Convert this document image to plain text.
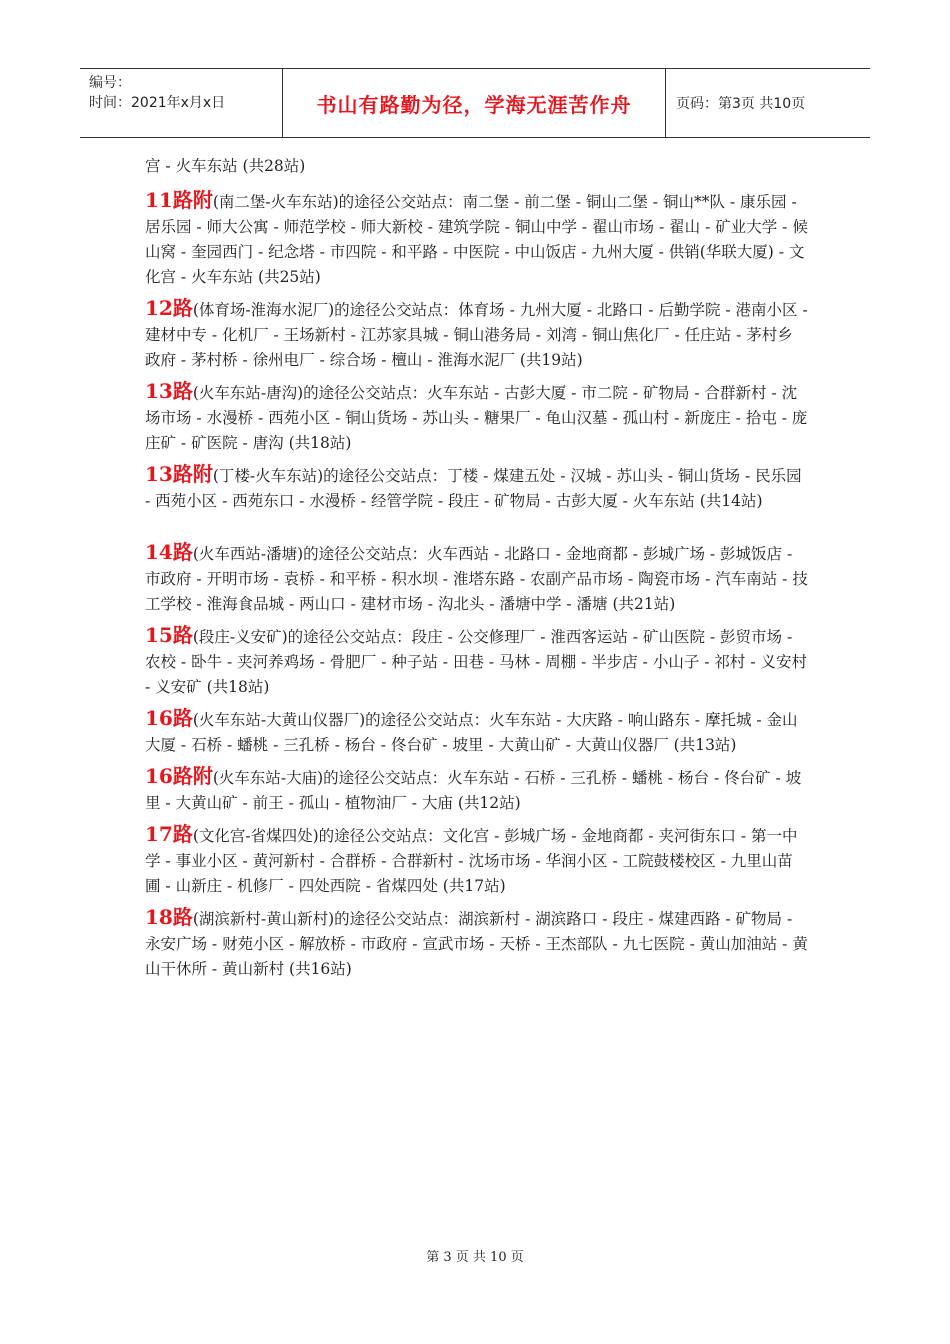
编号：
时间：2021年x月x日	书山有路勤为径，学海无涯苦作舟	页码：第3页 共10页

宫 - 火车东站 (共28站)

11路附(南二堡-火车东站)的途径公交站点：南二堡 - 前二堡 - 铜山二堡 - 铜山**队 - 康乐园 - 居乐园 - 师大公寓 - 师范学校 - 师大新校 - 建筑学院 - 铜山中学 - 翟山市场 - 翟山 - 矿业大学 - 候山窝 - 奎园西门 - 纪念塔 - 市四院 - 和平路 - 中医院 - 中山饭店 - 九州大厦 - 供销(华联大厦) - 文化宫 - 火车东站 (共25站)

12路(体育场-淮海水泥厂)的途径公交站点：体育场 - 九州大厦 - 北路口 - 后勤学院 - 港南小区 - 建材中专 - 化机厂 - 王场新村 - 江苏家具城 - 铜山港务局 - 刘湾 - 铜山焦化厂 - 任庄站 - 茅村乡政府 - 茅村桥 - 徐州电厂 - 综合场 - 檀山 - 淮海水泥厂 (共19站)

13路(火车东站-唐沟)的途径公交站点：火车东站 - 古彭大厦 - 市二院 - 矿物局 - 合群新村 - 沈场市场 - 水漫桥 - 西苑小区 - 铜山货场 - 苏山头 - 糖果厂 - 龟山汉墓 - 孤山村 - 新庞庄 - 拾屯 - 庞庄矿 - 矿医院 - 唐沟 (共18站)

13路附(丁楼-火车东站)的途径公交站点：丁楼 - 煤建五处 - 汉城 - 苏山头 - 铜山货场 - 民乐园 - 西苑小区 - 西苑东口 - 水漫桥 - 经管学院 - 段庄 - 矿物局 - 古彭大厦 - 火车东站 (共14站)

14路(火车西站-潘塘)的途径公交站点：火车西站 - 北路口 - 金地商都 - 彭城广场 - 彭城饭店 - 市政府 - 开明市场 - 袁桥 - 和平桥 - 积水坝 - 淮塔东路 - 农副产品市场 - 陶瓷市场 - 汽车南站 - 技工学校 - 淮海食品城 - 两山口 - 建材市场 - 沟北头 - 潘塘中学 - 潘塘 (共21站)

15路(段庄-义安矿)的途径公交站点：段庄 - 公交修理厂 - 淮西客运站 - 矿山医院 - 彭贸市场 - 农校 - 卧牛 - 夹河养鸡场 - 骨肥厂 - 种子站 - 田巷 - 马林 - 周棚 - 半步店 - 小山子 - 祁村 - 义安村 - 义安矿 (共18站)

16路(火车东站-大黄山仪器厂)的途径公交站点：火车东站 - 大庆路 - 响山路东 - 摩托城 - 金山大厦 - 石桥 - 蟠桃 - 三孔桥 - 杨台 - 佟台矿 - 坡里 - 大黄山矿 - 大黄山仪器厂 (共13站)

16路附(火车东站-大庙)的途径公交站点：火车东站 - 石桥 - 三孔桥 - 蟠桃 - 杨台 - 佟台矿 - 坡里 - 大黄山矿 - 前王 - 孤山 - 植物油厂 - 大庙 (共12站)

17路(文化宫-省煤四处)的途径公交站点：文化宫 - 彭城广场 - 金地商都 - 夹河街东口 - 第一中学 - 事业小区 - 黄河新村 - 合群桥 - 合群新村 - 沈场市场 - 华润小区 - 工院鼓楼校区 - 九里山苗圃 - 山新庄 - 机修厂 - 四处西院 - 省煤四处 (共17站)

18路(湖滨新村-黄山新村)的途径公交站点：湖滨新村 - 湖滨路口 - 段庄 - 煤建西路 - 矿物局 - 永安广场 - 财苑小区 - 解放桥 - 市政府 - 宣武市场 - 天桥 - 王杰部队 - 九七医院 - 黄山加油站 - 黄山干休所 - 黄山新村 (共16站)

第 3 页 共 10 页
